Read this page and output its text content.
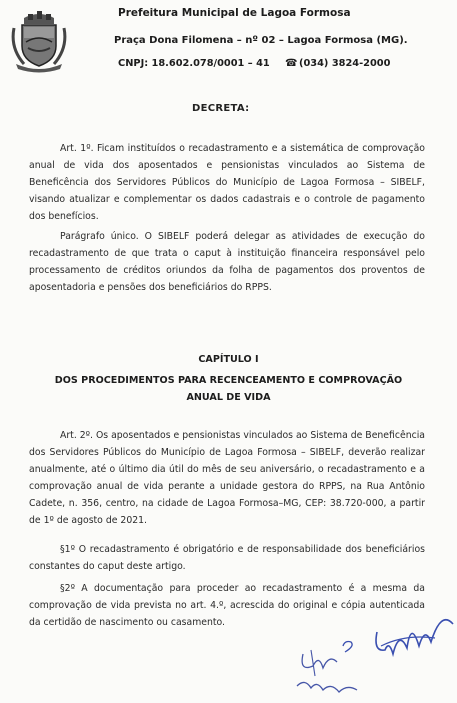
Prefeitura Municipal de Lagoa Formosa
Praça Dona Filomena – nº 02 – Lagoa Formosa (MG).
CNPJ: 18.602.078/0001 – 41 ☎ (034) 3824-2000
DECRETA:
Art. 1º. Ficam instituídos o recadastramento e a sistemática de comprovação anual de vida dos aposentados e pensionistas vinculados ao Sistema de Beneficência dos Servidores Públicos do Município de Lagoa Formosa – SIBELF, visando atualizar e complementar os dados cadastrais e o controle de pagamento dos benefícios.
Parágrafo único. O SIBELF poderá delegar as atividades de execução do recadastramento de que trata o caput à instituição financeira responsável pelo processamento de créditos oriundos da folha de pagamentos dos proventos de aposentadoria e pensões dos beneficiários do RPPS.
CAPÍTULO I
DOS PROCEDIMENTOS PARA RECENCEAMENTO E COMPROVAÇÃO ANUAL DE VIDA
Art. 2º. Os aposentados e pensionistas vinculados ao Sistema de Beneficência dos Servidores Públicos do Município de Lagoa Formosa – SIBELF, deverão realizar anualmente, até o último dia útil do mês de seu aniversário, o recadastramento e a comprovação anual de vida perante a unidade gestora do RPPS, na Rua Antônio Cadete, n. 356, centro, na cidade de Lagoa Formosa–MG, CEP: 38.720-000, a partir de 1º de agosto de 2021.
§1º O recadastramento é obrigatório e de responsabilidade dos beneficiários constantes do caput deste artigo.
§2º A documentação para proceder ao recadastramento é a mesma da comprovação de vida prevista no art. 4.º, acrescida do original e cópia autenticada da certidão de nascimento ou casamento.
